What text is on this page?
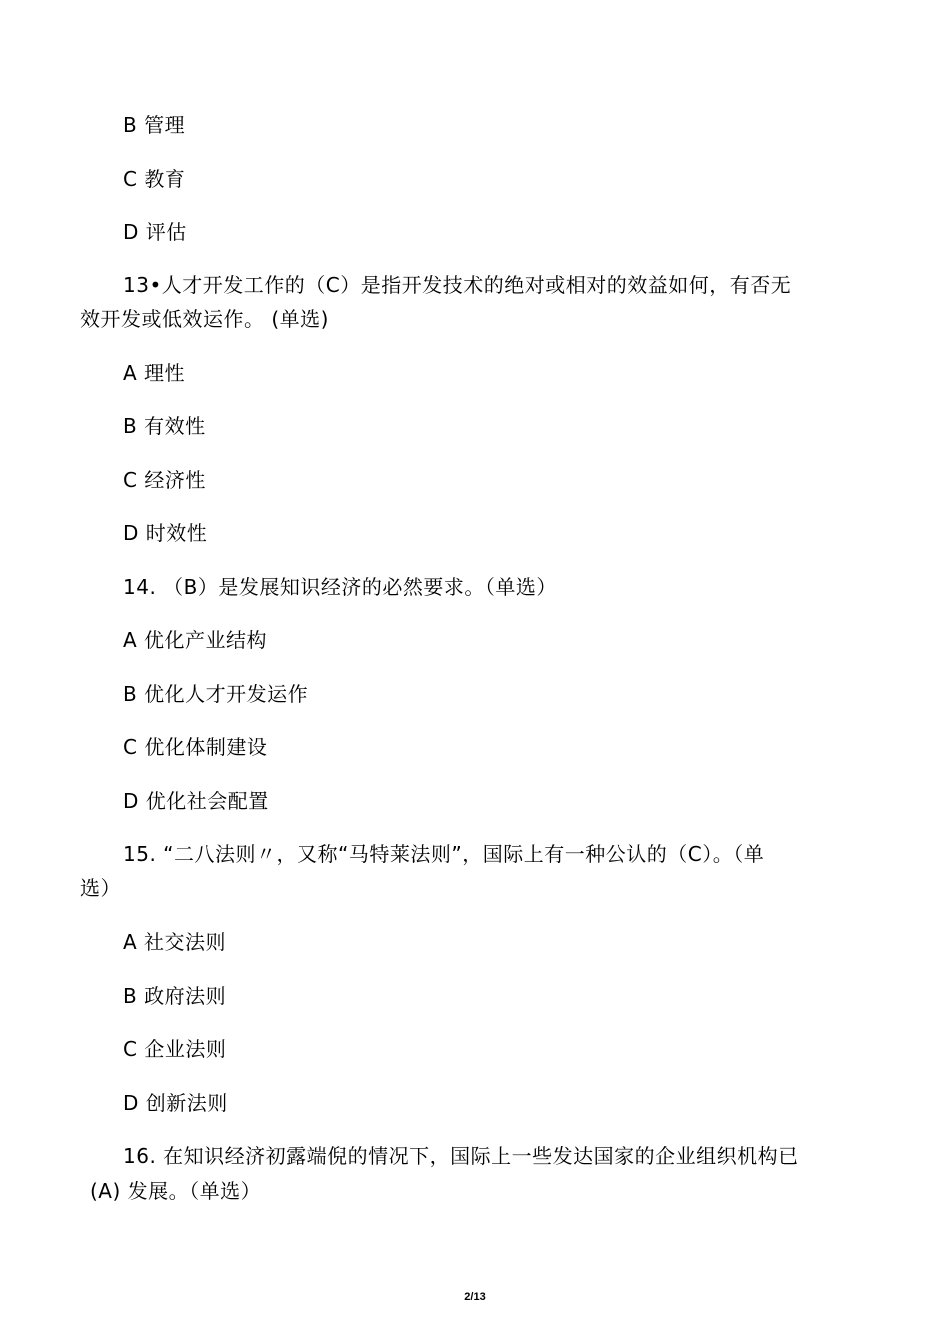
B 管理
C 教育
D 评估
13•人才开发工作的（C）是指开发技术的绝对或相对的效益如何，有否无
效开发或低效运作。 (单选)
A 理性
B 有效性
C 经济性
D 时效性
14. （B）是发展知识经济的必然要求。（单选）
A 优化产业结构
B 优化人才开发运作
C 优化体制建设
D 优化社会配置
15. “二八法则〃，又称“马特莱法则”，国际上有一种公认的（C）。（单
选）
A 社交法则
B 政府法则
C 企业法则
D 创新法则
16. 在知识经济初露端倪的情况下，国际上一些发达国家的企业组织机构已
(A) 发展。（单选）
2/13
